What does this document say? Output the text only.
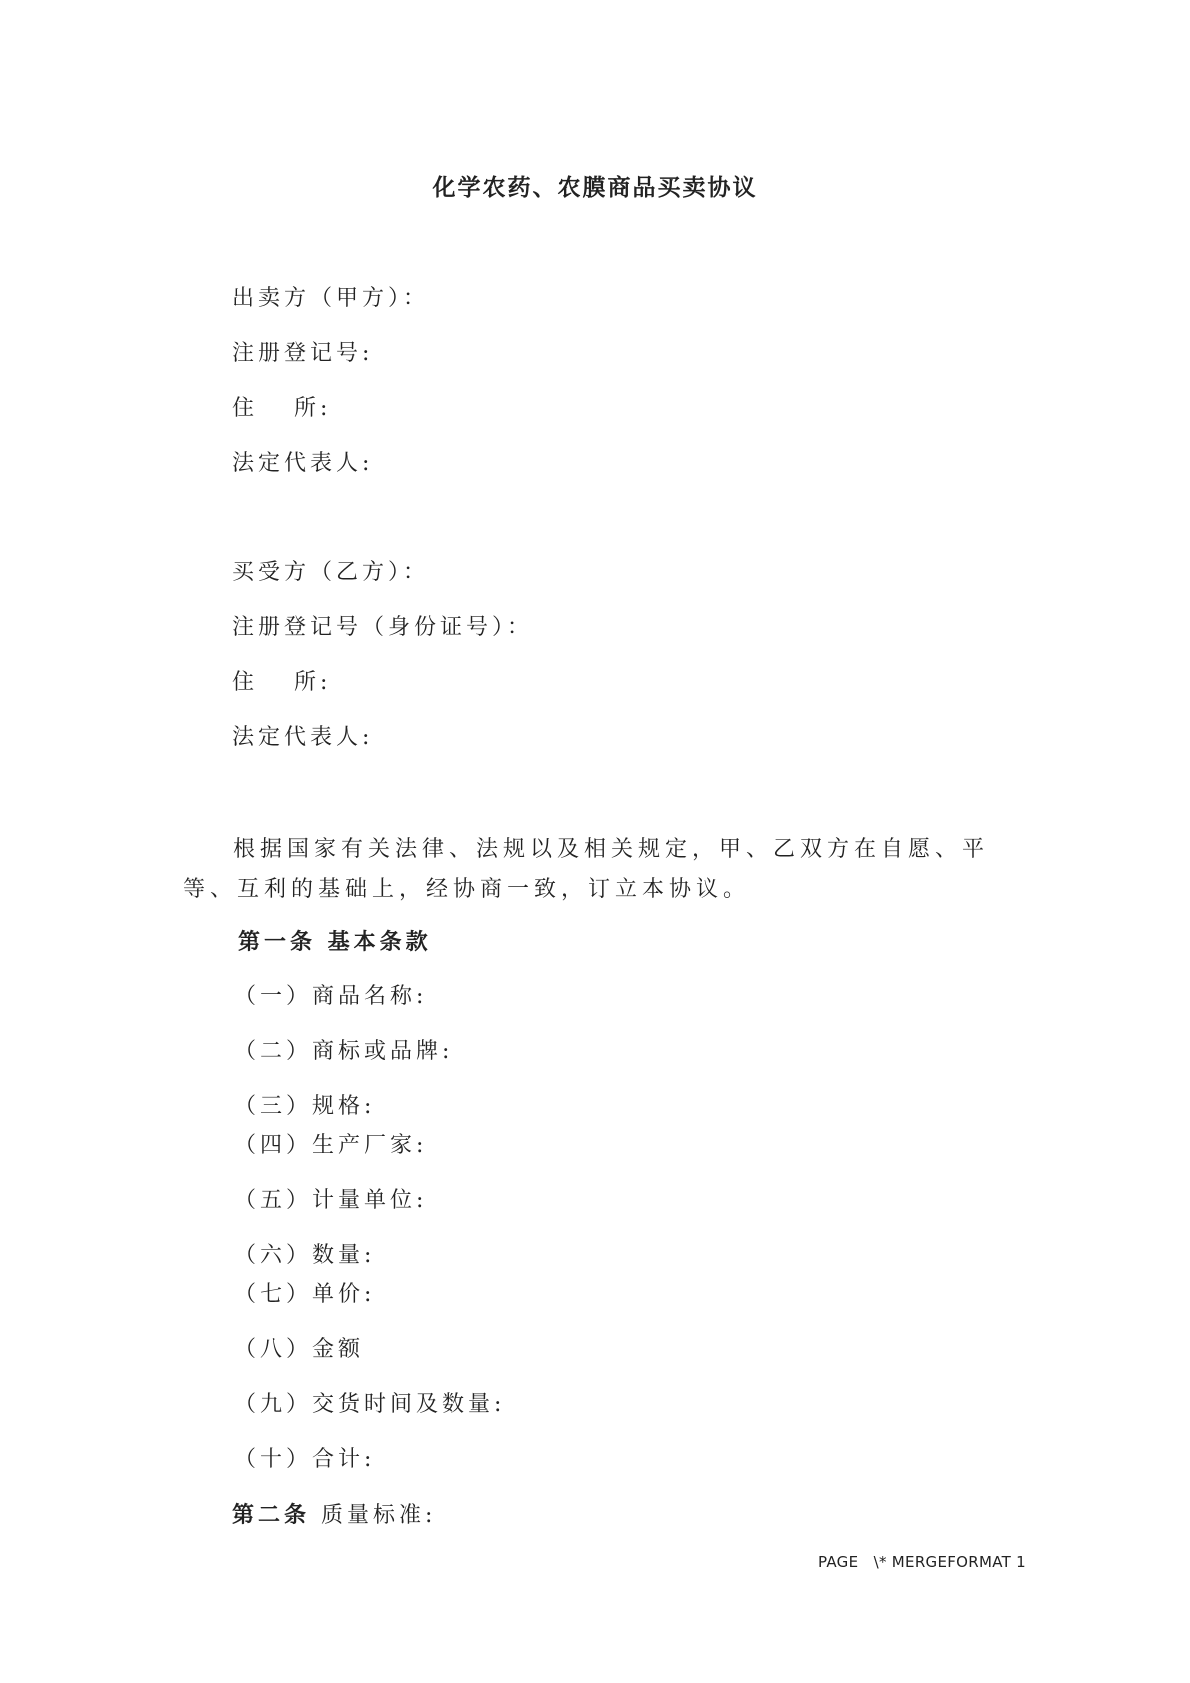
化学农药、农膜商品买卖协议
出卖方（甲方）：
注册登记号:
住 所:
法定代表人:
买受方（乙方）：
注册登记号（身份证号）：
住 所:
法定代表人:
根据国家有关法律、法规以及相关规定，甲、乙双方在自愿、平等、互利的基础上，经协商一致，订立本协议。
第一条 基本条款
（一）商品名称:
（二）商标或品牌:
（三）规格:
（四）生产厂家:
（五）计量单位:
（六）数量:
（七）单价:
（八）金额
（九）交货时间及数量:
（十）合计:
第二条 质量标准:
PAGE   \* MERGEFORMAT 1
